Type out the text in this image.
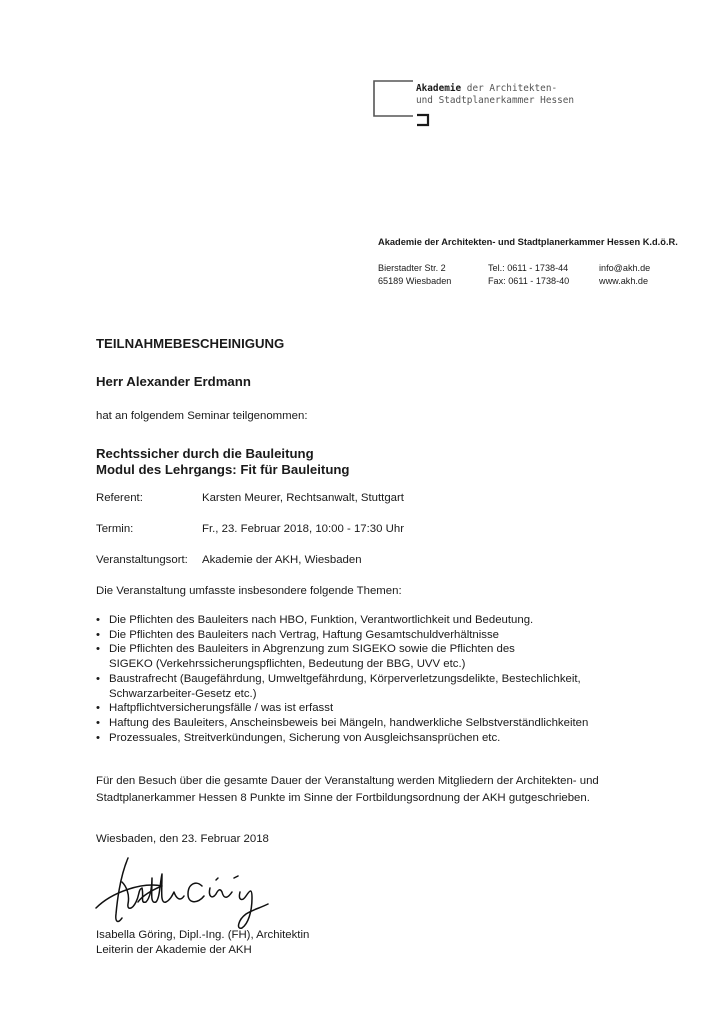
Akademie der Architekten-
und Stadtplanerkammer Hessen
Akademie der Architekten- und Stadtplanerkammer Hessen K.d.ö.R.
Bierstadter Str. 2
65189 Wiesbaden
Tel.: 0611 - 1738-44
Fax: 0611 - 1738-40
info@akh.de
www.akh.de
TEILNAHMEBESCHEINIGUNG
Herr Alexander Erdmann
hat an folgendem Seminar teilgenommen:
Rechtssicher durch die Bauleitung
Modul des Lehrgangs: Fit für Bauleitung
Referent:	Karsten Meurer, Rechtsanwalt, Stuttgart
Termin:	Fr., 23. Februar 2018, 10:00 - 17:30 Uhr
Veranstaltungsort: Akademie der AKH, Wiesbaden
Die Veranstaltung umfasste insbesondere folgende Themen:
• Die Pflichten des Bauleiters nach HBO, Funktion, Verantwortlichkeit und Bedeutung.
• Die Pflichten des Bauleiters nach Vertrag, Haftung Gesamtschuldverhältnisse
• Die Pflichten des Bauleiters in Abgrenzung zum SIGEKO sowie die Pflichten des
SIGEKO (Verkehrssicherungspflichten, Bedeutung der BBG, UVV etc.)
• Baustrafrecht (Baugefährdung, Umweltgefährdung, Körperverletzungsdelikte, Bestechlichkeit,
Schwarzarbeiter-Gesetz etc.)
• Haftpflichtversicherungsfälle / was ist erfasst
• Haftung des Bauleiters, Anscheinsbeweis bei Mängeln, handwerkliche Selbstverständlichkeiten
• Prozessuales, Streitverkündungen, Sicherung von Ausgleichsansprüchen etc.
Für den Besuch über die gesamte Dauer der Veranstaltung werden Mitgliedern der Architekten- und
Stadtplanerkammer Hessen 8 Punkte im Sinne der Fortbildungsordnung der AKH gutgeschrieben.
Wiesbaden, den 23. Februar 2018
Isabella Göring, Dipl.-Ing. (FH), Architektin
Leiterin der Akademie der AKH
